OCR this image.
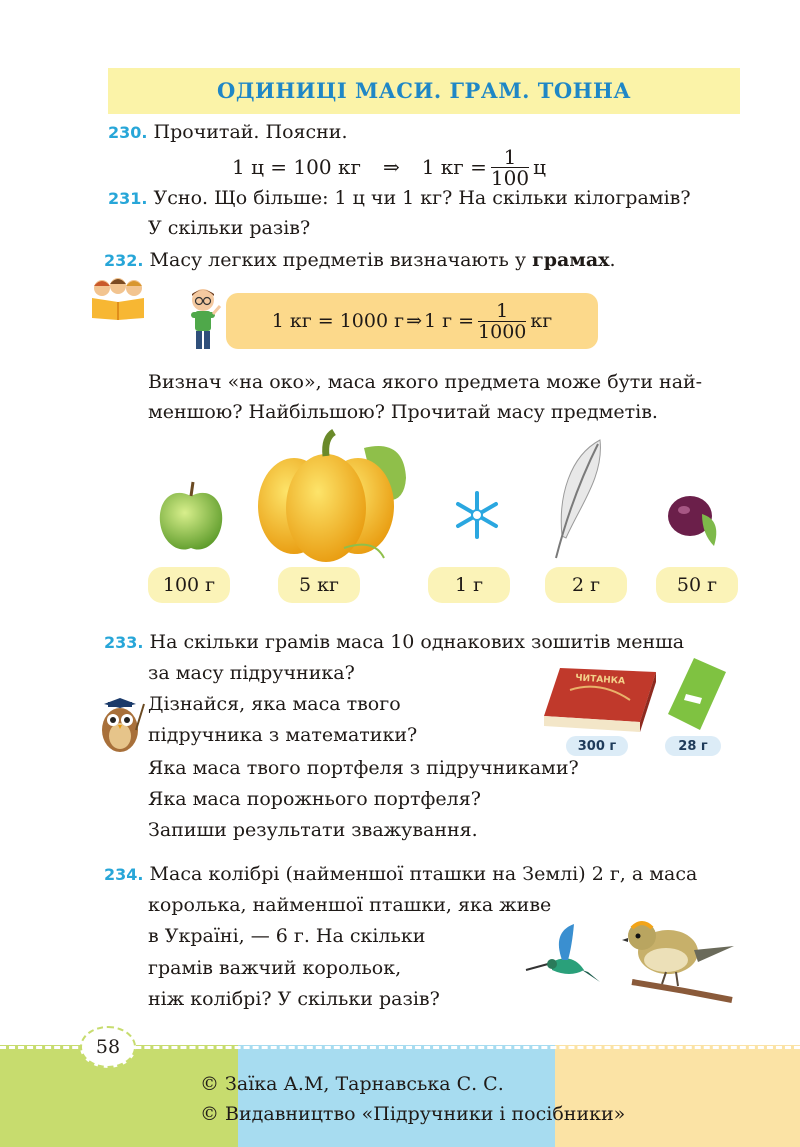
ОДИНИЦІ МАСИ. ГРАМ. ТОННА
230. Прочитай. Поясни.
1 ц = 100 кг ⇒ 1 кг = $\frac{1}{100}$ ц
231. Усно. Що більше: 1 ц чи 1 кг? На скільки кілограмів?
У скільки разів?
232. Масу легких предметів визначають у грамах.
1 кг = 1000 г ⇒ 1 $г = \frac{1}{1000}$ кг
Визнач «на око», маса якого предмета може бути най-
меншою? Найбільшою? Прочитай масу предметів.
100 г	5 кг	1 г	2 г	50 г
233. На скільки грамів маса 10 однакових зошитів менша
за масу підручника?
Дізнайся, яка маса твого
підручника з математики?
Яка маса твого портфеля з підручниками?
Яка маса порожнього портфеля?
Запиши результати зважування.
ЧИТАНКА
300 г	28 г
234. Маса колібрі (найменшої пташки на Землі) 2 г, а маса
королька, найменшої пташки, яка живе
в Україні, — 6 г. На скільки
грамів важчий корольок,
ніж колібрі? У скільки разів?
58
© Заїка А.М, Тарнавська С. С.
© Видавництво «Підручники і посібники»
